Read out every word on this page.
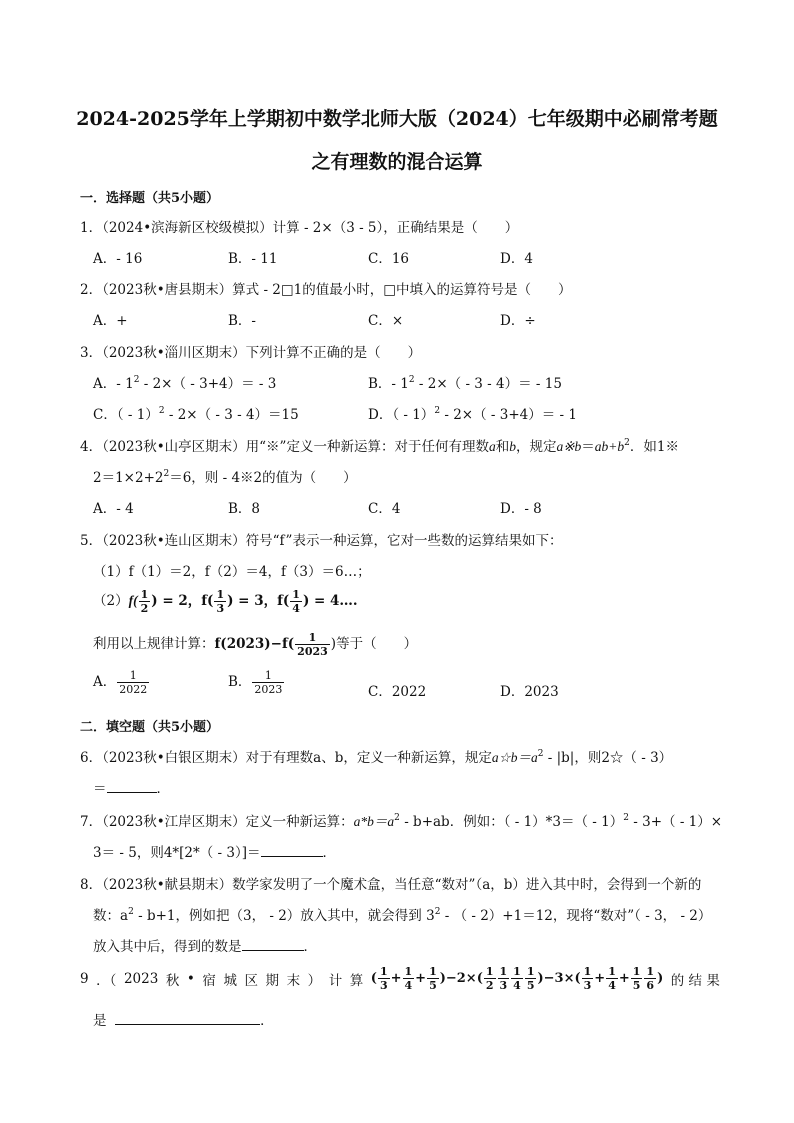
2024-2025学年上学期初中数学北师大版（2024）七年级期中必刷常考题
之有理数的混合运算
一．选择题（共5小题）
1．（2024•滨海新区校级模拟）计算 - 2×（3 - 5），正确结果是（　　）
A．- 16	B．- 11	C．16	D．4
2．（2023秋•唐县期末）算式 - 2□1的值最小时，□中填入的运算符号是（　　）
A．+	B．-	C．×	D．÷
3．（2023秋•淄川区期末）下列计算不正确的是（　　）
A．- $1^2 - 2\times( - 3+4)= - 3$	B．- $1^2 - 2\times( - 3 - 4)= - 15$
C．（ - 1）$^2$ - 2×（ - 3 - 4）＝15	D．（ - 1）$^2$ - 2×（ - 3+4）＝ - 1
4．（2023秋•山亭区期末）用“※”定义一种新运算：对于任何有理数a和b，规定$a※b=ab+b^2$．如1※
$2=1\times 2+2^2=6$，则 - 4※2的值为（　　）
A．- 4	B．8	C．4	D．- 8
5．（2023秋•连山区期末）符号“f”表示一种运算，它对一些数的运算结果如下：
（1）f（1）＝2，f（2）＝4，f（3）＝6…；
$(2)f( \frac{1}{2}$ ) = 2，$f( \frac{1}{3}$ ) = 3，$f( \frac{1}{4}$ ) = 4….
利用以上规律计算：$f(2023)-f( \frac{1}{2023}$ )等于（　　）
A． $\frac{1}{2022}$	B． $\frac{1}{2023}$	C．2022	D．2023
二．填空题（共5小题）
6．（2023秋•白银区期末）对于有理数a、b，定义一种新运算，规定$a☆b=a^2 - |b|$，则2☆（ - 3）
＝	．
7．（2023秋•江岸区期末）定义一种新运算：$a*b=a^2 - b+ab$．例如：（ - 1）*3＝（ - 1）$^2$ - 3+（ - 1）×
3＝ - 5，则4*[2*（ - 3）]＝	．
8．（2023秋•献县期末）数学家发明了一个魔术盒，当任意“数对”（a，b）进入其中时，会得到一个新的
数：$a^2 - b+1$，例如把（3， - 2）放入其中，就会得到 $3^2$ - （ - 2）+1＝12，现将“数对”（ - 3， - 2）
放入其中后，得到的数是	．
9 ．（ 2023 秋 • 宿 城 区 期 末 ） 计 算 ( $\frac{1}{3} + \frac{1}{4} + \frac{1}{5} )-2\times( \frac{1}{2} \frac{1}{3} \frac{1}{4} \frac{1}{5} )-3\times( \frac{1}{3} + \frac{1}{4} + \frac{1}{5} \frac{1}{6}$ ) 的 结 果
是	．
